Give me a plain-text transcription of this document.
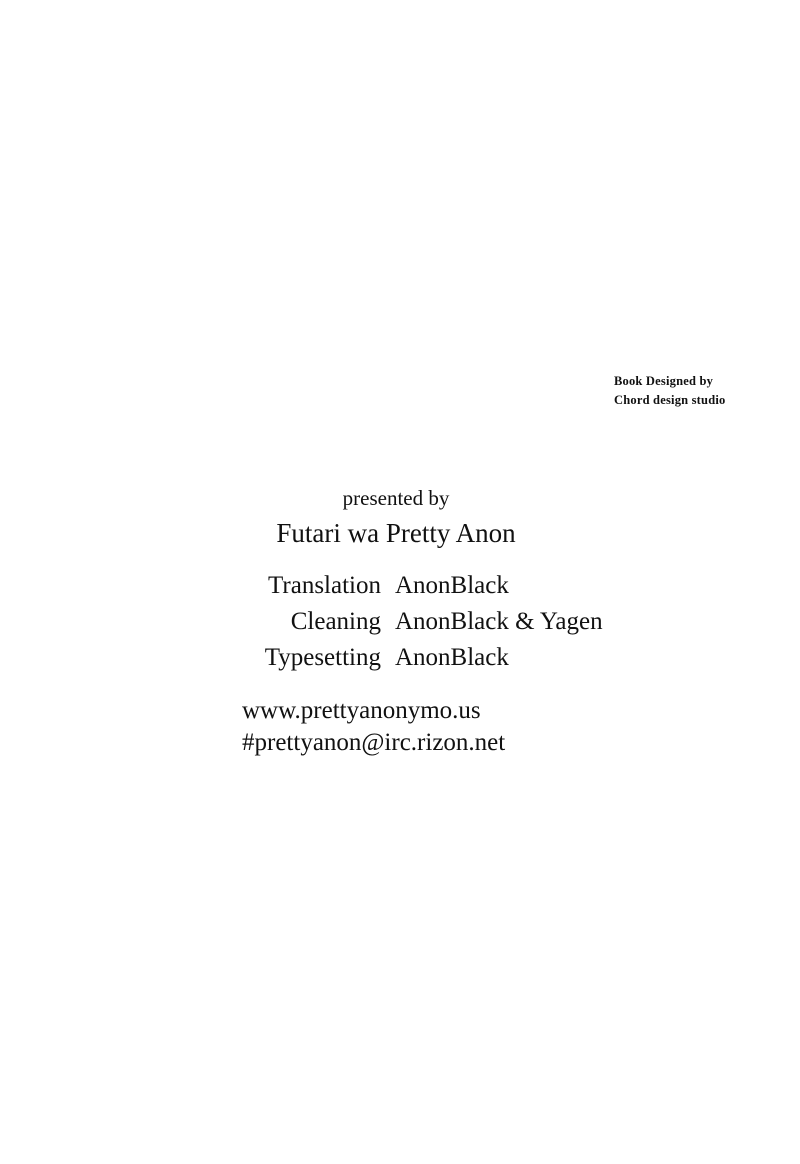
Book Designed by
Chord design studio
presented by
Futari wa Pretty Anon
Translation AnonBlack
Cleaning AnonBlack & Yagen
Typesetting AnonBlack
www.prettyanonymo.us
#prettyanon@irc.rizon.net
